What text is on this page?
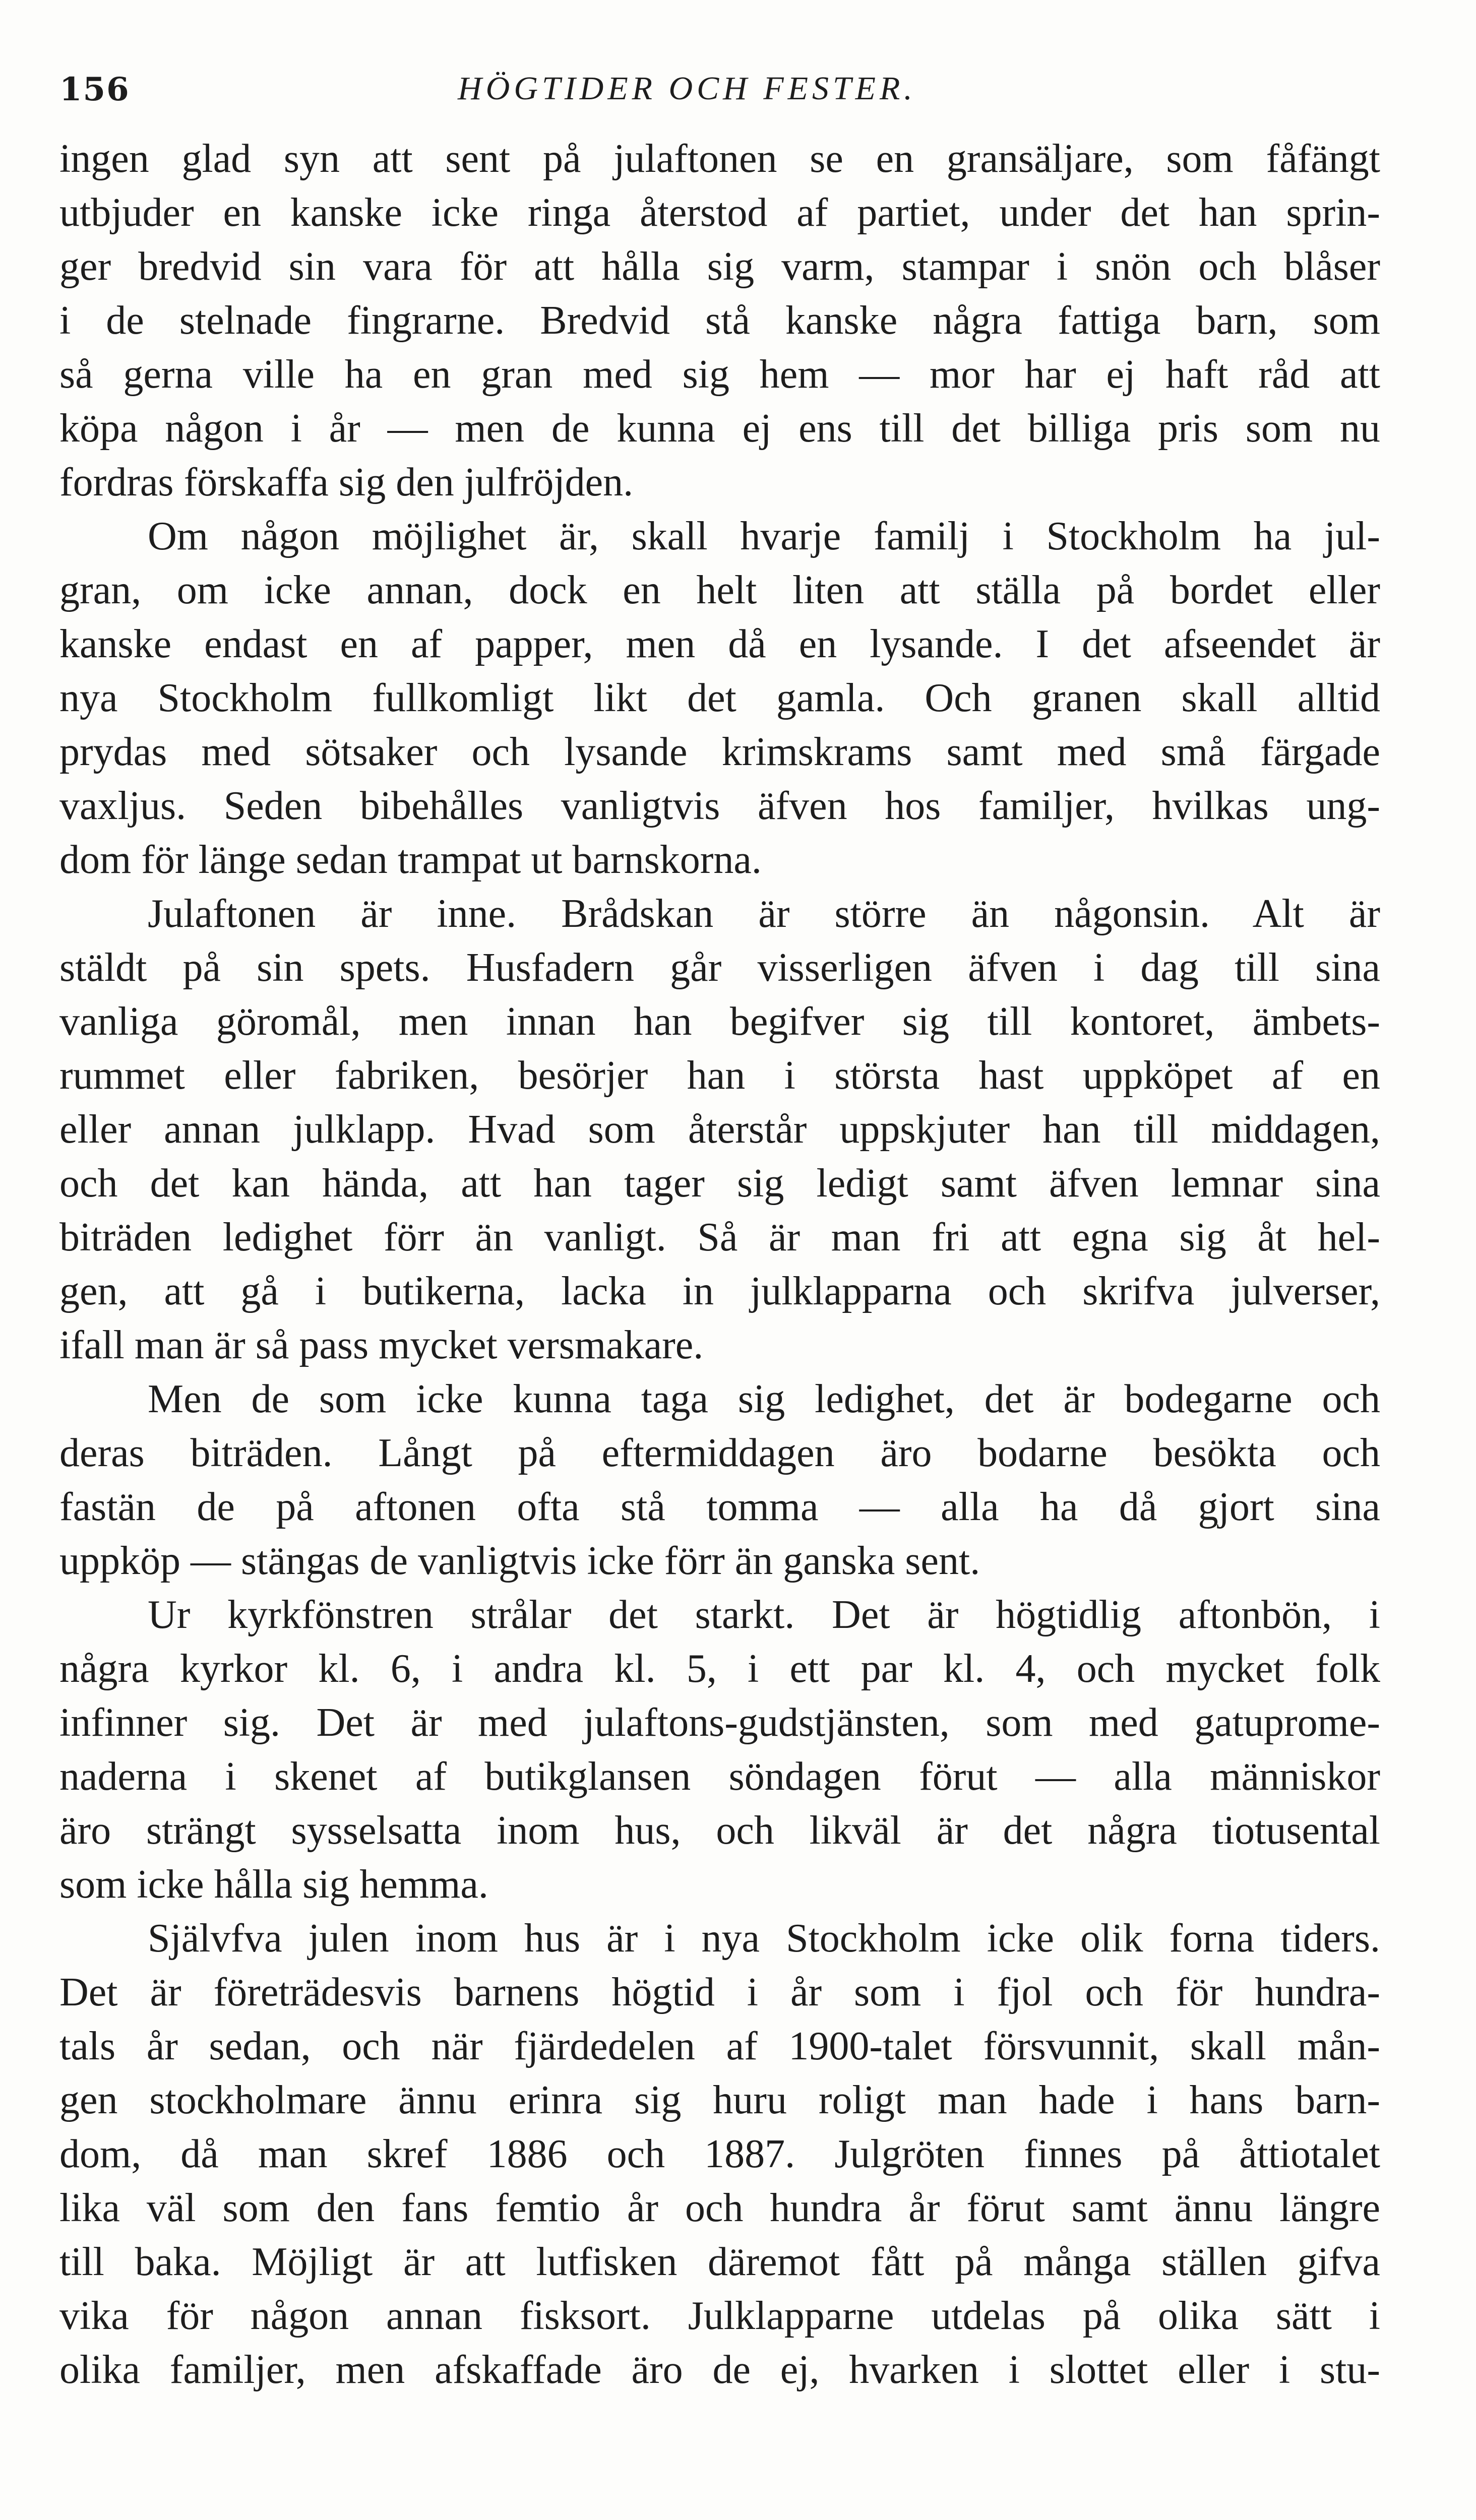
156	HÖGTIDER OCH FESTER.
ingen glad syn att sent på julaftonen se en gransäljare, som fåfängt
utbjuder en kanske icke ringa återstod af partiet, under det han sprin-
ger bredvid sin vara för att hålla sig varm, stampar i snön och blåser
i de stelnade fingrarne. Bredvid stå kanske några fattiga barn, som
så gerna ville ha en gran med sig hem — mor har ej haft råd att
köpa någon i år — men de kunna ej ens till det billiga pris som nu
fordras förskaffa sig den julfröjden.
Om någon möjlighet är, skall hvarje familj i Stockholm ha jul-
gran, om icke annan, dock en helt liten att ställa på bordet eller
kanske endast en af papper, men då en lysande. I det afseendet är
nya Stockholm fullkomligt likt det gamla. Och granen skall alltid
prydas med sötsaker och lysande krimskrams samt med små färgade
vaxljus. Seden bibehålles vanligtvis äfven hos familjer, hvilkas ung-
dom för länge sedan trampat ut barnskorna.
Julaftonen är inne. Brådskan är större än någonsin. Alt är
stäldt på sin spets. Husfadern går visserligen äfven i dag till sina
vanliga göromål, men innan han begifver sig till kontoret, ämbets-
rummet eller fabriken, besörjer han i största hast uppköpet af en
eller annan julklapp. Hvad som återstår uppskjuter han till middagen,
och det kan hända, att han tager sig ledigt samt äfven lemnar sina
biträden ledighet förr än vanligt. Så är man fri att egna sig åt hel-
gen, att gå i butikerna, lacka in julklapparna och skrifva julverser,
ifall man är så pass mycket versmakare.
Men de som icke kunna taga sig ledighet, det är bodegarne och
deras biträden. Långt på eftermiddagen äro bodarne besökta och
fastän de på aftonen ofta stå tomma — alla ha då gjort sina
uppköp — stängas de vanligtvis icke förr än ganska sent.
Ur kyrkfönstren strålar det starkt. Det är högtidlig aftonbön, i
några kyrkor kl. 6, i andra kl. 5, i ett par kl. 4, och mycket folk
infinner sig. Det är med julaftons-gudstjänsten, som med gatuprome-
naderna i skenet af butikglansen söndagen förut — alla människor
äro strängt sysselsatta inom hus, och likväl är det några tiotusental
som icke hålla sig hemma.
Självfva julen inom hus är i nya Stockholm icke olik forna tiders.
Det är företrädesvis barnens högtid i år som i fjol och för hundra-
tals år sedan, och när fjärdedelen af 1900-talet försvunnit, skall mån-
gen stockholmare ännu erinra sig huru roligt man hade i hans barn-
dom, då man skref 1886 och 1887. Julgröten finnes på åttiotalet
lika väl som den fans femtio år och hundra år förut samt ännu längre
till baka. Möjligt är att lutfisken däremot fått på många ställen gifva
vika för någon annan fisksort. Julklapparne utdelas på olika sätt i
olika familjer, men afskaffade äro de ej, hvarken i slottet eller i stu-
